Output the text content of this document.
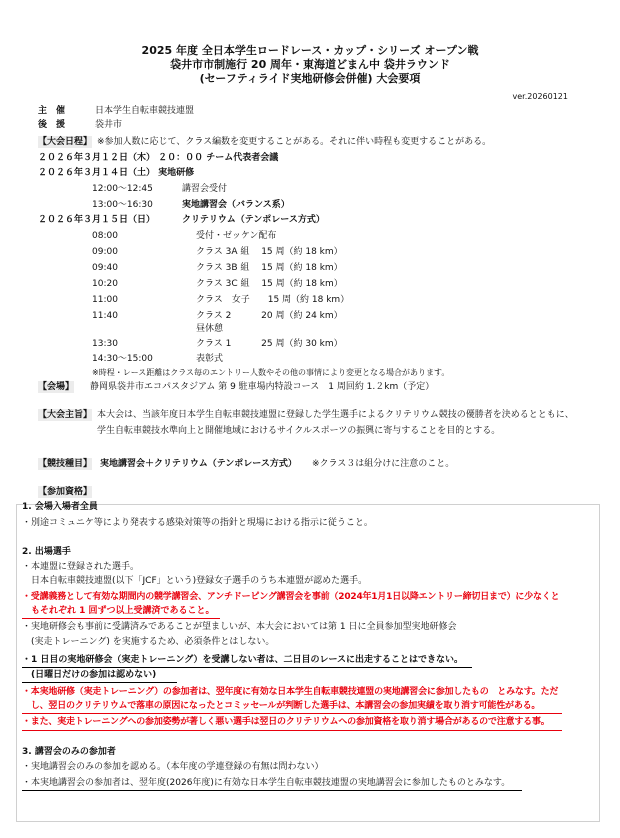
2025 年度 全日本学生ロードレース・カップ・シリーズ オープン戦
袋井市市制施行 20 周年・東海道どまん中 袋井ラウンド
(セーフティライド実地研修会併催) 大会要項
ver.20260121
主　催	日本学生自転車競技連盟
後　援	袋井市
【大会日程】 ※参加人数に応じて、クラス編数を変更することがある。それに伴い時程も変更することがある。
２０２６年３月１２日（木） ２０：００ チーム代表者会議
２０２６年３月１４日（土） 実地研修
12:00～12:45	講習会受付
13:00～16:30	実地講習会（バランス系）
２０２６年３月１５日（日）	クリテリウム（テンポレース方式）
08:00	受付・ゼッケン配布
09:00	クラス 3A 組　 15 周（約 18 km）
09:40	クラス 3B 組　 15 周（約 18 km）
10:20	クラス 3C 組　 15 周（約 18 km）
11:00	クラス　女子　　15 周（約 18 km）
11:40	クラス 2　　　 20 周（約 24 km）
昼休憩
13:30	クラス 1　　　 25 周（約 30 km）
14:30～15:00	表彰式
※時程・レース距離はクラス毎のエントリー人数やその他の事情により変更となる場合があります。
【会場】 静岡県袋井市エコパスタジアム 第 9 駐車場内特設コース　1 周回約 1.２km（予定）
【大会主旨】 本大会は、当該年度日本学生自転車競技連盟に登録した学生選手によるクリテリウム競技の優勝者を決めるとともに、
学生自転車競技水準向上と開催地域におけるサイクルスポーツの振興に寄与することを目的とする。
【競技種目】 実地講習会＋クリテリウム（テンポレース方式） ※クラス３は組分けに注意のこと。
【参加資格】
1. 会場入場者全員
・別途コミュニケ等により発表する感染対策等の指針と現場における指示に従うこと。
2. 出場選手
・本連盟に登録された選手。
　日本自転車競技連盟(以下「JCF」という)登録女子選手のうち本連盟が認めた選手。
・受講義務として有効な期間内の競学講習会、アンチドーピング講習会を事前（2024年1月1日以降エントリー締切日まで）に少なくと
　もそれぞれ 1 回ずつ以上受講済であること。
・実地研修会も事前に受講済みであることが望ましいが、本大会においては第 1 日に全員参加型実地研修会
　(実走トレーニング) を実施するため、必須条件とはしない。
・1 日目の実地研修会（実走トレーニング）を受講しない者は、二日目のレースに出走することはできない。
　(日曜日だけの参加は認めない)
・本実地研修（実走トレーニング）の参加者は、翌年度に有効な日本学生自転車競技連盟の実地講習会に参加したもの　とみなす。ただ
　し、翌日のクリテリウムで落車の原因になったとコミッセールが判断した選手は、本講習会の参加実績を取り消す可能性がある。
・また、実走トレーニングへの参加姿勢が著しく悪い選手は翌日のクリテリウムへの参加資格を取り消す場合があるので注意する事。
3. 講習会のみの参加者
・実地講習会のみの参加を認める。（本年度の学連登録の有無は問わない）
・本実地講習会の参加者は、翌年度(2026年度)に有効な日本学生自転車競技連盟の実地講習会に参加したものとみなす。
